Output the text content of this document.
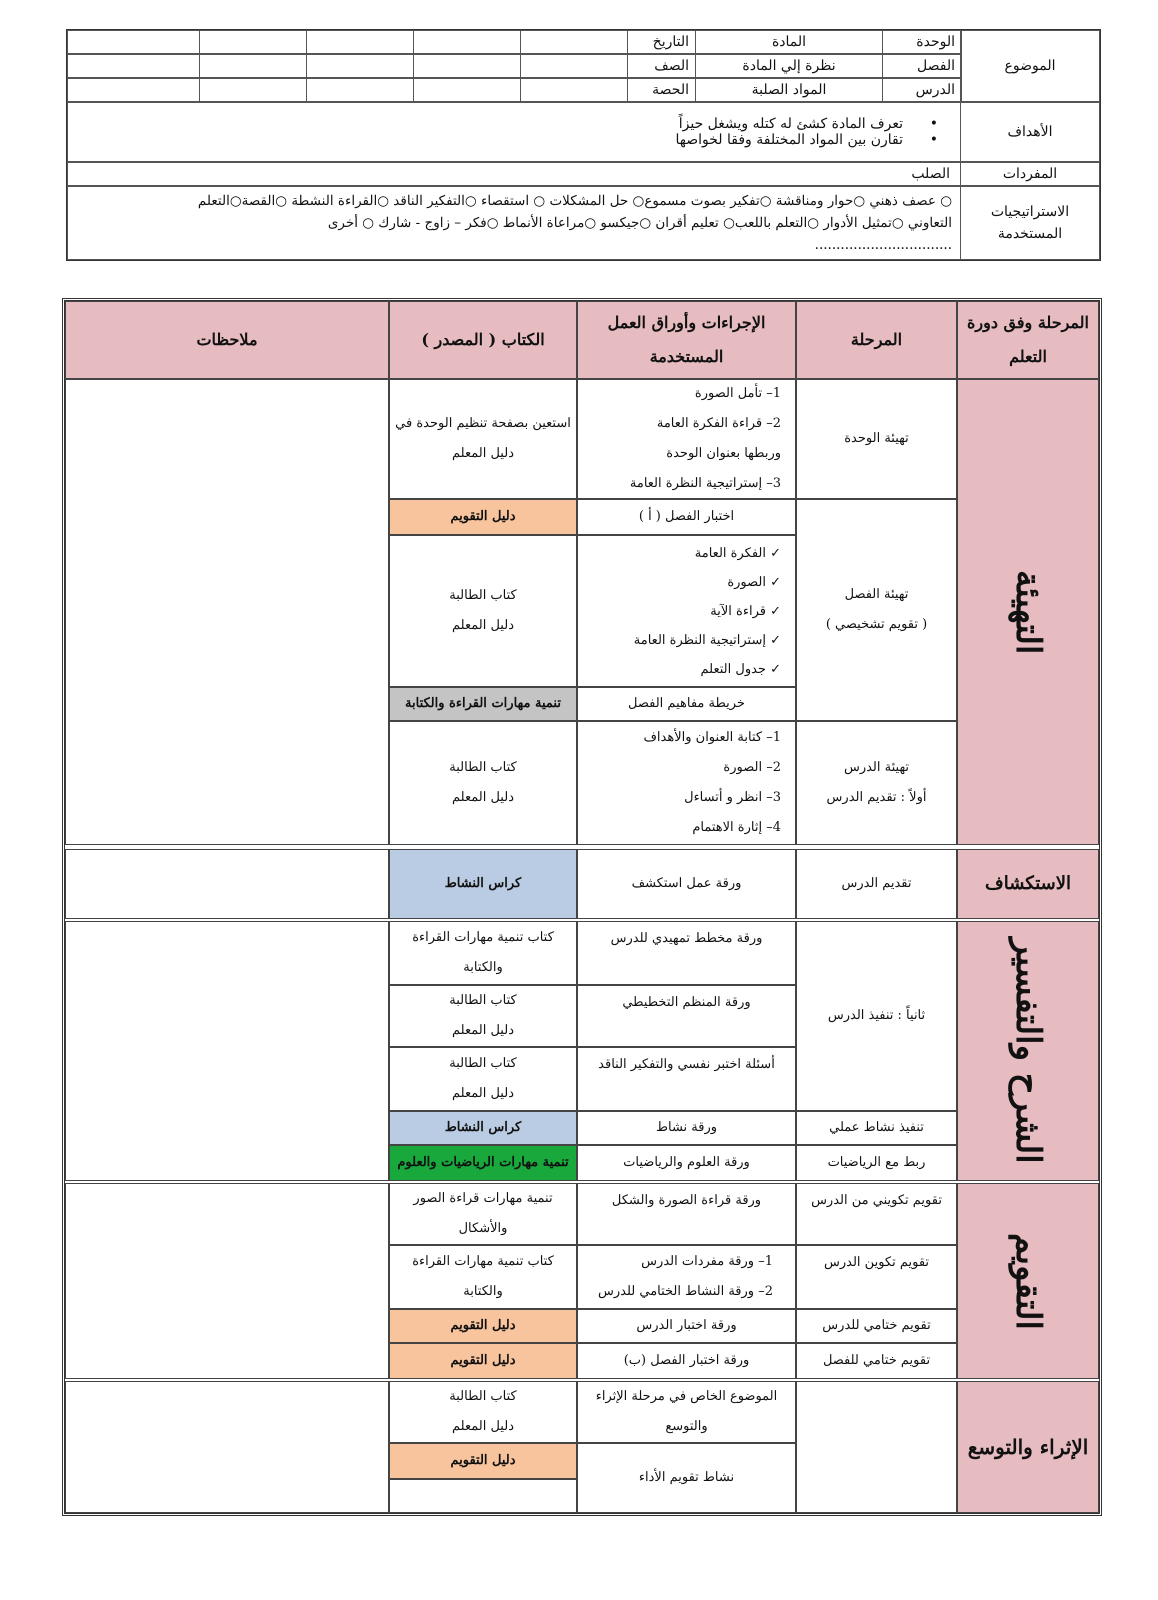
الموضوع
الوحدة
المادة
التاريخ
الفصل
نظرة إلي المادة
الصف
الدرس
المواد الصلبة
الحصة
الأهداف
•      تعرف المادة كشئ له كتله ويشغل حيزاً
•      تقارن بين المواد المختلفة وفقا لخواصها
المفردات
الصلب
الاستراتيجيات المستخدمة
○ عصف ذهني ○حوار ومناقشة ○تفكير بصوت مسموع○ حل المشكلات ○ استقصاء ○التفكير الناقد ○القراءة النشطة ○القصة○التعلم
التعاوني ○تمثيل الأدوار ○التعلم باللعب○ تعليم أقران ○جيكسو ○مراعاة الأنماط ○فكر – زاوج - شارك ○ أخرى
................................
المرحلة وفق دورة التعلم
المرحلة
الإجراءات وأوراق العمل المستخدمة
الكتاب ( المصدر )
ملاحظات
التهيئة
تهيئة الوحدة
1– تأمل الصورة
2– قراءة الفكرة العامة
وربطها بعنوان الوحدة
3– إستراتيجية النظرة العامة
استعين بصفحة تنظيم الوحدة في
دليل المعلم
تهيئة الفصل
( تقويم تشخيصي )
اختبار الفصل ( أ )
دليل التقويم
✓ الفكرة العامة
✓ الصورة
✓ قراءة الآية
✓ إستراتيجية النظرة العامة
✓ جدول التعلم
كتاب الطالبة
دليل المعلم
خريطة مفاهيم الفصل
تنمية مهارات القراءة والكتابة
تهيئة الدرس
أولاً : تقديم الدرس
1– كتابة العنوان والأهداف
2– الصورة
3– انظر و أتساءل
4– إثارة الاهتمام
كتاب الطالبة
دليل المعلم
الاستكشاف
تقديم الدرس
ورقة عمل استكشف
كراس النشاط
الشرح والتفسير
ثانياً : تنفيذ الدرس
ورقة مخطط تمهيدي للدرس
كتاب تنمية مهارات القراءة
والكتابة
ورقة المنظم التخطيطي
كتاب الطالبة
دليل المعلم
أسئلة اختبر نفسي والتفكير الناقد
كتاب الطالبة
دليل المعلم
تنفيذ نشاط عملي
ورقة نشاط
كراس النشاط
ربط مع الرياضيات
ورقة العلوم والرياضيات
تنمية مهارات الرياضيات والعلوم
التقويم
تقويم تكويني من الدرس
ورقة قراءة الصورة والشكل
تنمية مهارات قراءة الصور
والأشكال
تقويم تكوين الدرس
1– ورقة مفردات الدرس
2– ورقة النشاط الختامي للدرس
كتاب تنمية مهارات القراءة
والكتابة
تقويم ختامي للدرس
ورقة اختبار الدرس
دليل التقويم
تقويم ختامي للفصل
ورقة اختبار الفصل (ب)
دليل التقويم
الإثراء والتوسع
الموضوع الخاص في مرحلة الإثراء
والتوسع
كتاب الطالبة
دليل المعلم
نشاط تقويم الأداء
دليل التقويم
